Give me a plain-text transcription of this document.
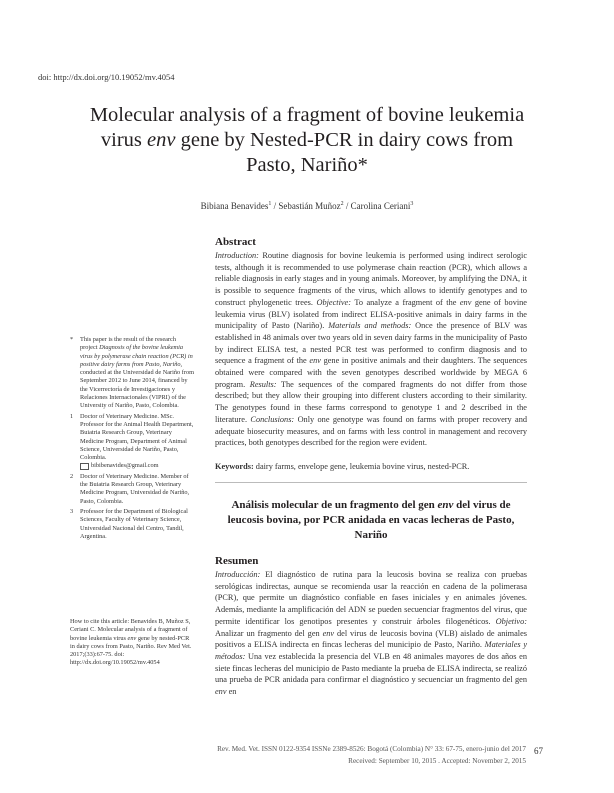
doi: http://dx.doi.org/10.19052/mv.4054
Molecular analysis of a fragment of bovine leukemia
virus env gene by Nested-PCR in dairy cows from
Pasto, Nariño*
Bibiana Benavides$^1$ / Sebastián Muñoz$^2$ / Carolina Ceriani$^3$
Abstract
Introduction: Routine diagnosis for bovine leukemia is performed using indirect serologic tests, although it is recommended to use polymerase chain reaction (PCR), which allows a reliable diagnosis in early stages and in young animals. Moreover, by amplifying the DNA, it is possible to sequence fragments of the virus, which allows to identify genotypes and to construct phylogenetic trees. Objective: To analyze a fragment of the env gene of bovine leukemia virus (BLV) isolated from indirect ELISA-positive animals in dairy farms in the municipality of Pasto (Nariño). Materials and methods: Once the presence of BLV was established in 48 animals over two years old in seven dairy farms in the municipality of Pasto by indirect ELISA test, a nested PCR test was performed to confirm diagnosis and to sequence a fragment of the env gene in positive animals and their daughters. The sequences obtained were compared with the seven genotypes described worldwide by MEGA 6 program. Results: The sequences of the compared fragments do not differ from those described; but they allow their grouping into different clusters according to their similarity. The genotypes found in these farms correspond to genotype 1 and 2 described in the literature. Conclusions: Only one genotype was found on farms with proper recovery and adequate biosecurity measures, and on farms with less control in management and recovery practices, both genotypes described for the region were evident.
Keywords: dairy farms, envelope gene, leukemia bovine virus, nested-PCR.
Análisis molecular de un fragmento del gen env del virus de leucosis bovina, por PCR anidada en vacas lecheras de Pasto, Nariño
Resumen
Introducción: El diagnóstico de rutina para la leucosis bovina se realiza con pruebas serológicas indirectas, aunque se recomienda usar la reacción en cadena de la polimerasa (PCR), que permite un diagnóstico confiable en fases iniciales y en animales jóvenes. Además, mediante la amplificación del ADN se pueden secuenciar fragmentos del virus, que permite identificar los genotipos presentes y construir árboles filogenéticos. Objetivo: Analizar un fragmento del gen env del virus de leucosis bovina (VLB) aislado de animales positivos a ELISA indirecta en fincas lecheras del municipio de Pasto, Nariño. Materiales y métodos: Una vez establecida la presencia del VLB en 48 animales mayores de dos años en siete fincas lecheras del municipio de Pasto mediante la prueba de ELISA indirecta, se realizó una prueba de PCR anidada para confirmar el diagnóstico y secuenciar un fragmento del gen env en
* This paper is the result of the research project Diagnosis of the bovine leukemia virus by polymerase chain reaction (PCR) in positive dairy farms from Pasto, Nariño, conducted at the Universidad de Nariño from September 2012 to June 2014, financed by the Vicerrectoría de Investigaciones y Relaciones Internacionales (VIPRI) of the University of Nariño, Pasto, Colombia.
1 Doctor of Veterinary Medicine. MSc. Professor for the Animal Health Department, Buiatria Research Group, Veterinary Medicine Program, Department of Animal Science, Universidad de Nariño, Pasto, Colombia.
bibibenavides@gmail.com
2 Doctor of Veterinary Medicine. Member of the Buiatria Research Group, Veterinary Medicine Program, Universidad de Nariño, Pasto, Colombia.
3 Professor for the Department of Biological Sciences, Faculty of Veterinary Science, Universidad Nacional del Centro, Tandil, Argentina.
How to cite this article: Benavides B, Muñoz S, Ceriani C. Molecular analysis of a fragment of bovine leukemia virus env gene by nested-PCR in dairy cows from Pasto, Nariño. Rev Med Vet. 2017;(33):67-75. doi: http://dx.doi.org/10.19052/mv.4054
Rev. Med. Vet. ISSN 0122-9354 ISSNe 2389-8526: Bogotá (Colombia) N° 33: 67-75, enero-junio del 2017
Received: September 10, 2015 . Accepted: November 2, 2015
67
